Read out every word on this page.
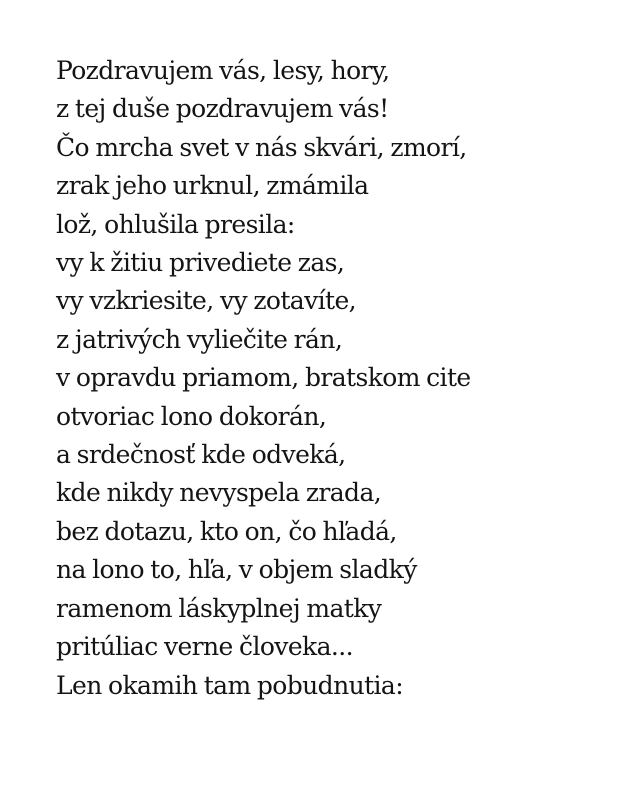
Pozdravujem vás, lesy, hory,
z tej duše pozdravujem vás!
Čo mrcha svet v nás skvári, zmorí,
zrak jeho urknul, zmámila
lož, ohlušila presila:
vy k žitiu privediete zas,
vy vzkriesite, vy zotavíte,
z jatrivých vyliečite rán,
v opravdu priamom, bratskom cite
otvoriac lono dokorán,
a srdečnosť kde odveká,
kde nikdy nevyspela zrada,
bez dotazu, kto on, čo hľadá,
na lono to, hľa, v objem sladký
ramenom láskyplnej matky
pritúliac verne človeka...
Len okamih tam pobudnutia:
